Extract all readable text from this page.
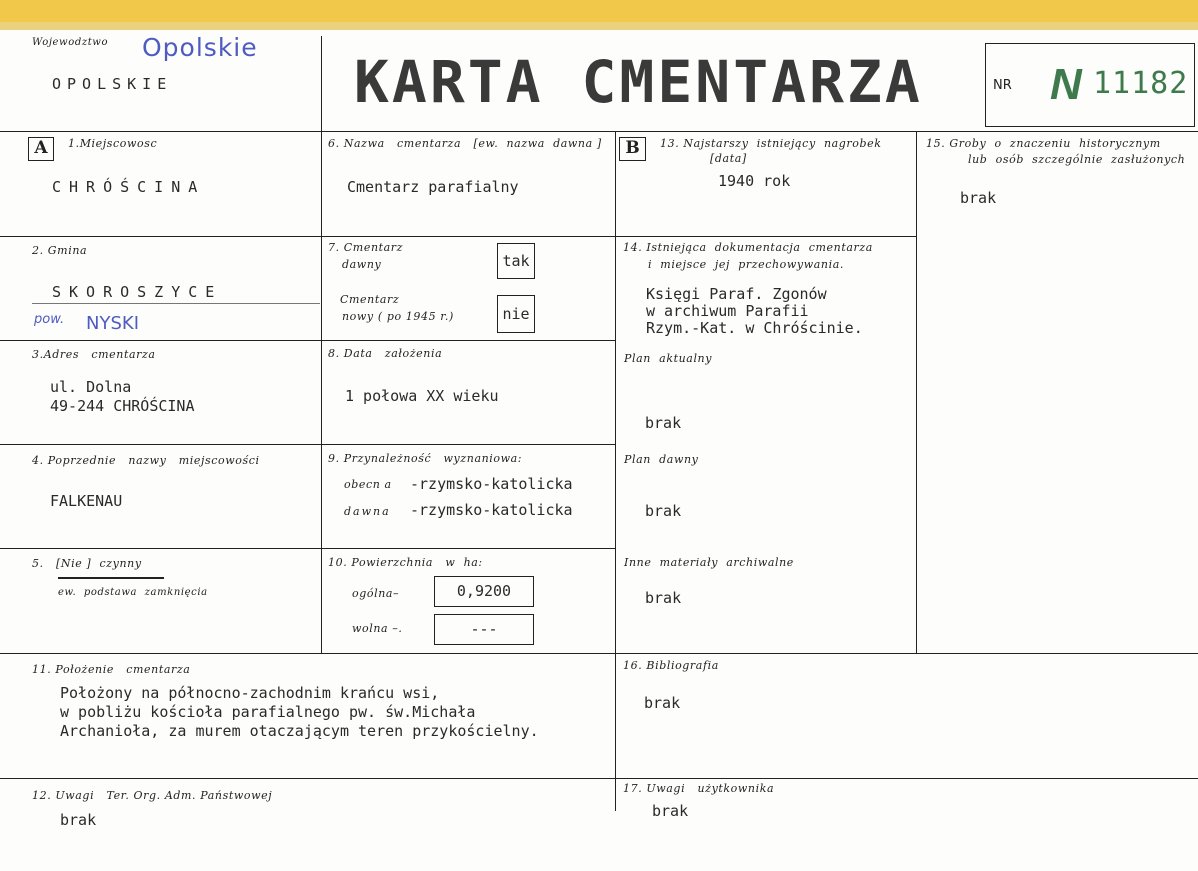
Wojewodztwo Opolskie
OPOLSKIE	KARTA CMENTARZA	NR N 11182
A	1.Miejscowosc
CHRÓŚCINA
2. Gmina
SKOROSZYCE
pow. NYSKI
3.Adres   cmentarza
ul. Dolna
49-244 CHRÓŚCINA
4. Poprzednie   nazwy   miejscowości
FALKENAU
5.   [Nie ]  czynny
ew.  podstawa  zamknięcia
6. Nazwa   cmentarza   [ew.  nazwa  dawna ]
Cmentarz parafialny
7. Cmentarz
dawny	tak
Cmentarz
nowy ( po 1945 r.)	nie
8. Data   założenia
1 połowa XX wieku
9. Przynależność   wyznaniowa:
obecn a -rzymsko-katolicka
dawna -rzymsko-katolicka
10. Powierzchnia   w  ha:
ogólna–	0,9200
wolna –.	---
B	13. Najstarszy  istniejący  nagrobek
[data]
1940 rok
14. Istniejąca  dokumentacja  cmentarza
i  miejsce  jej  przechowywania.
Księgi Paraf. Zgonów
w archiwum Parafii
Rzym.-Kat. w Chróścinie.
Plan  aktualny
brak
Plan  dawny
brak
Inne  materiały  archiwalne
brak
15. Groby  o  znaczeniu  historycznym
lub  osób  szczególnie  zasłużonych
brak
11. Położenie   cmentarza
Położony na północno-zachodnim krańcu wsi,
w pobliżu kościoła parafialnego pw. św.Michała
Archanioła, za murem otaczającym teren przykościelny.
16. Bibliografia
brak
12. Uwagi   Ter. Org. Adm. Państwowej
brak
17. Uwagi   użytkownika
brak
